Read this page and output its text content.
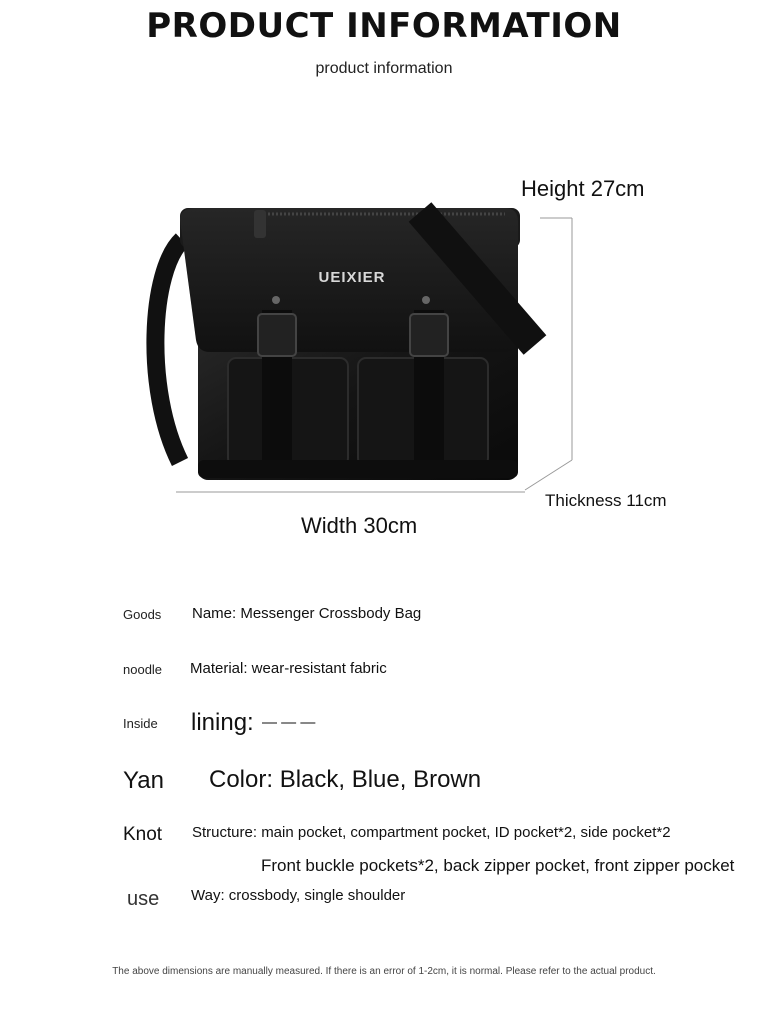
PRODUCT INFORMATION
product information
UEIXIER
Height 27cm
Thickness 11cm
Width 30cm
Goods Name: Messenger Crossbody Bag
noodle Material: wear-resistant fabric
Inside lining: — — —
Yan Color: Black, Blue, Brown
Knot Structure: main pocket, compartment pocket, ID pocket*2, side pocket*2
Front buckle pockets*2, back zipper pocket, front zipper pocket
use Way: crossbody, single shoulder
The above dimensions are manually measured. If there is an error of 1-2cm, it is normal. Please refer to the actual product.
